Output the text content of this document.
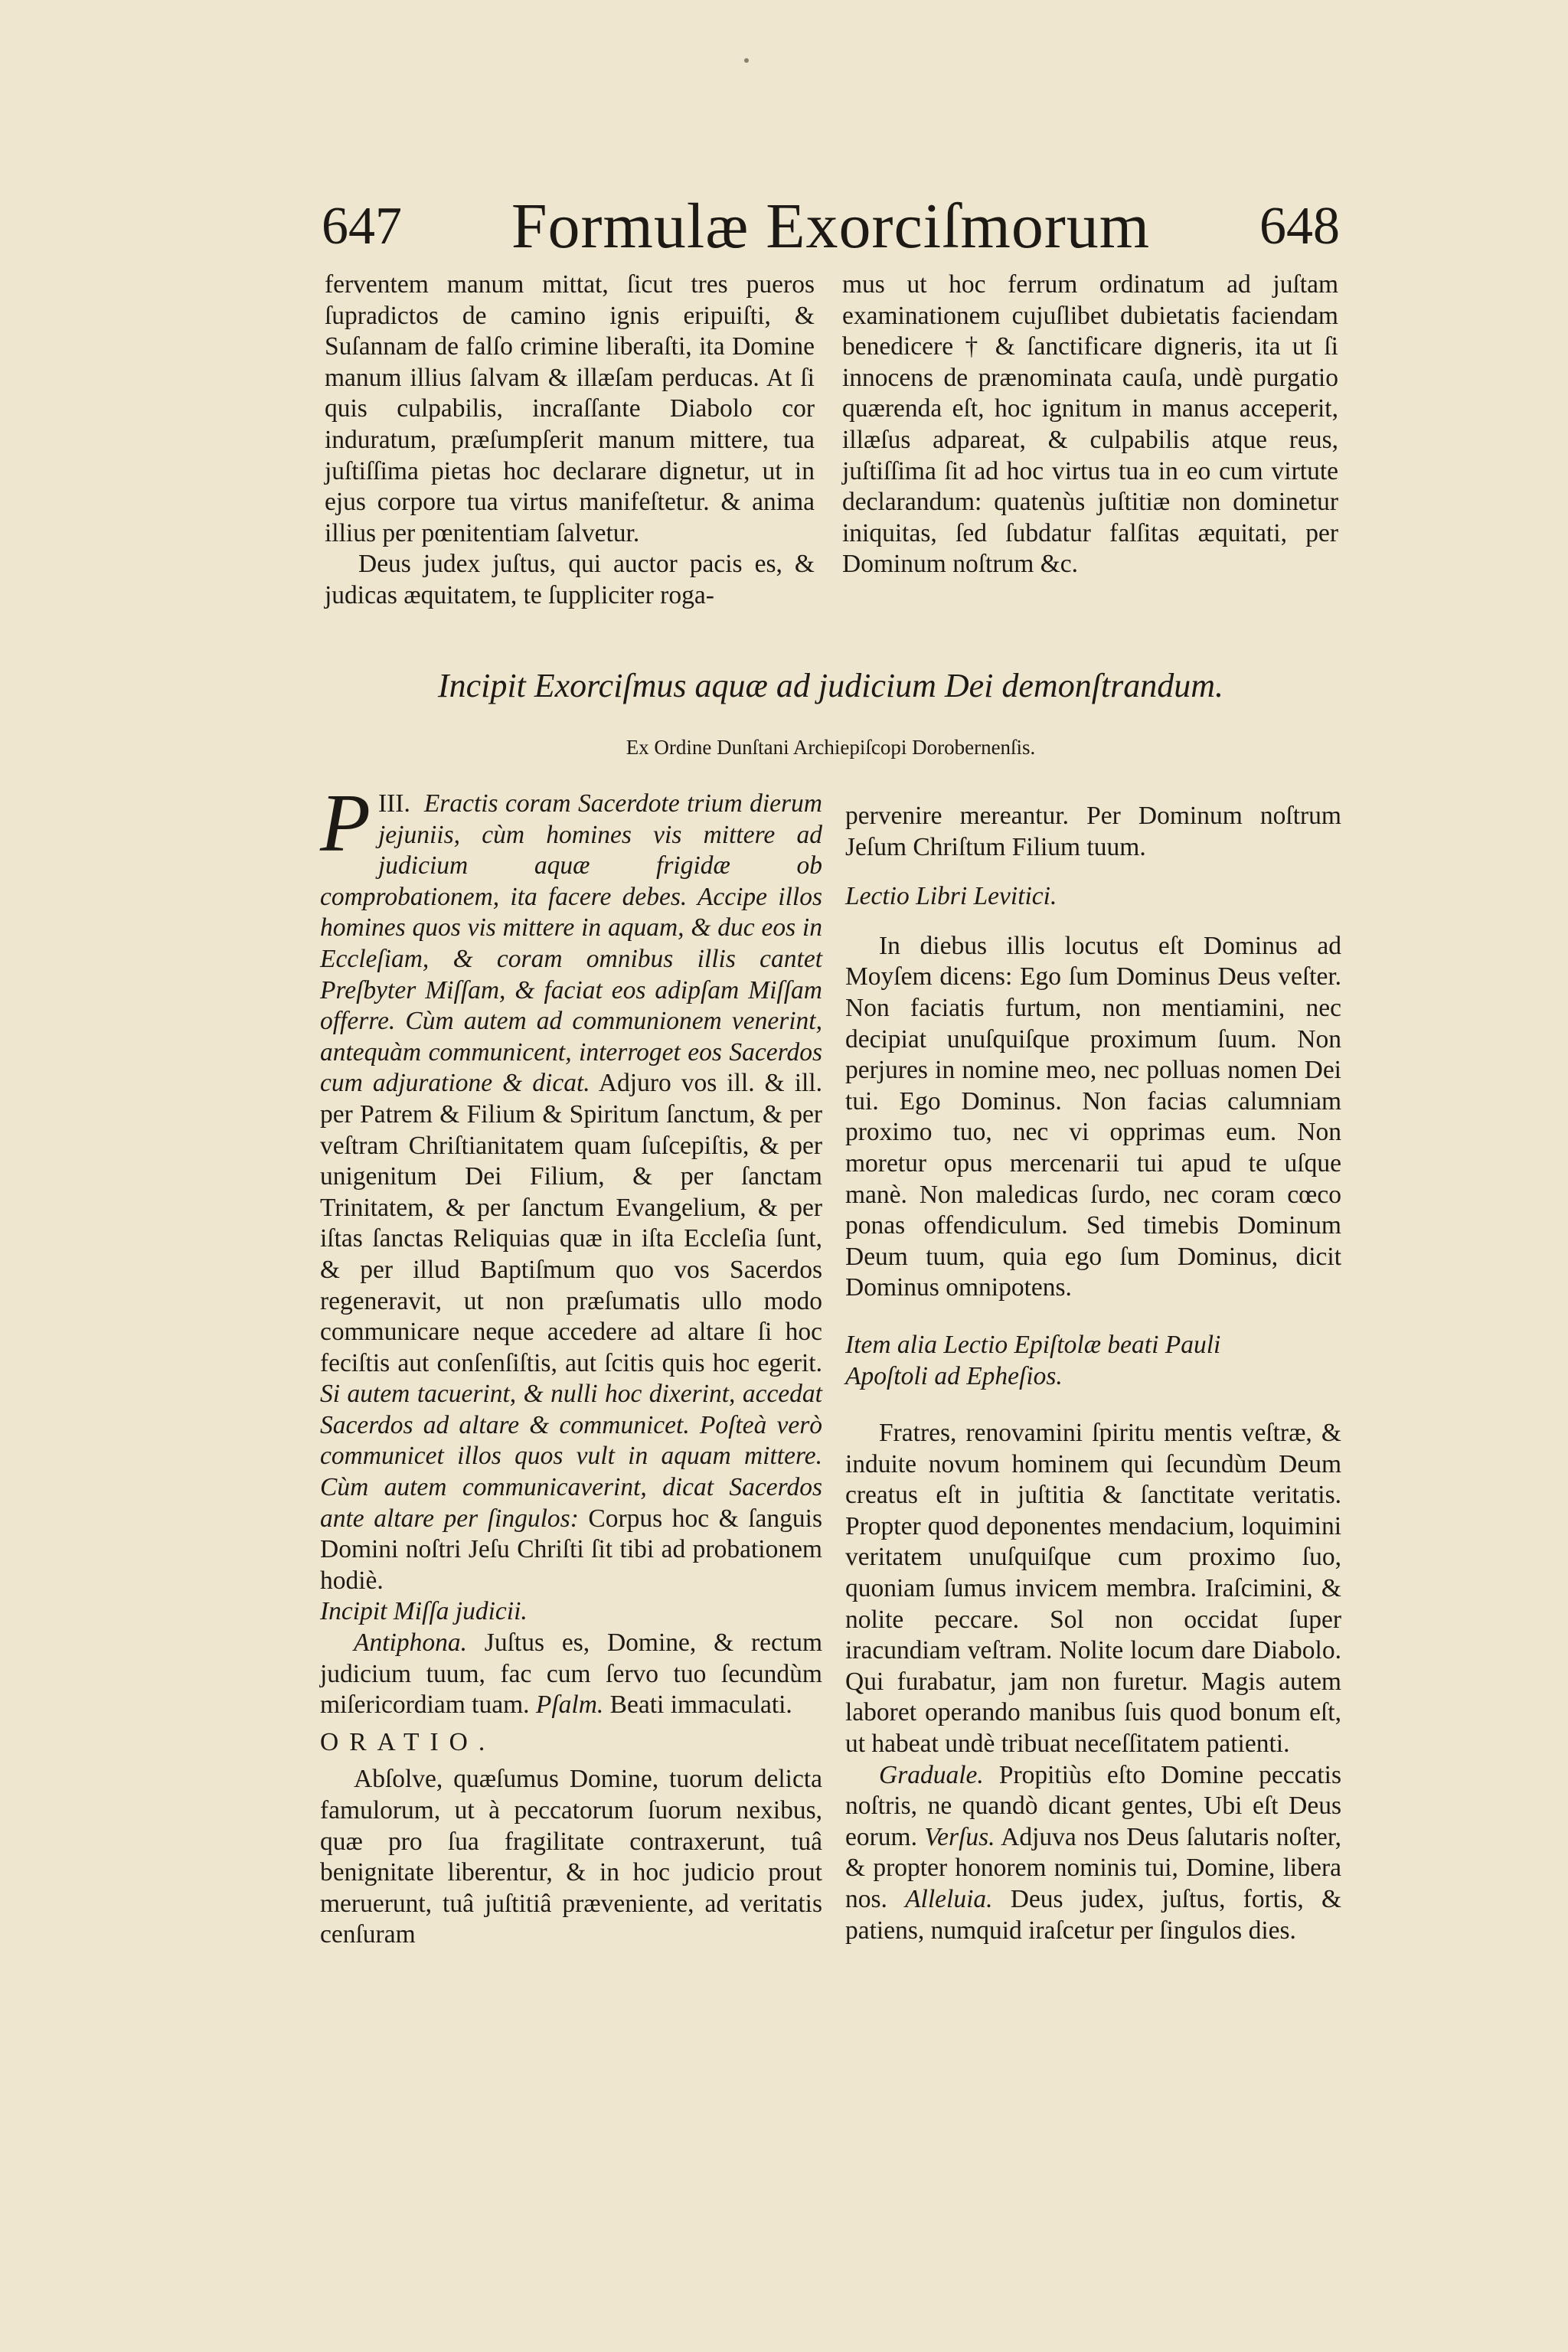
647	Formulæ Exorciſmorum	648

ferventem manum mittat, ſicut tres pueros ſupradictos de camino ignis eripuiſti, & Suſannam de falſo crimine liberaſti, ita Domine manum illius ſalvam & illæſam perducas. At ſi quis culpabilis, incraſſante Diabolo cor induratum, præſumpſerit manum mittere, tua juſtiſſima pietas hoc declarare dignetur, ut in ejus corpore tua virtus manifeſtetur. & anima illius per pœnitentiam ſalvetur.

Deus judex juſtus, qui auctor pacis es, & judicas æquitatem, te ſuppliciter roga-

mus ut hoc ferrum ordinatum ad juſtam examinationem cujuſlibet dubietatis faciendam benedicere † & ſanctificare digneris, ita ut ſi innocens de prænominata cauſa, undè purgatio quærenda eſt, hoc ignitum in manus acceperit, illæſus adpareat, & culpabilis atque reus, juſtiſſima ſit ad hoc virtus tua in eo cum virtute declarandum: quatenùs juſtitiæ non dominetur iniquitas, ſed ſubdatur falſitas æquitati, per Dominum noſtrum &c.

Incipit Exorciſmus aquæ ad judicium Dei demonſtrandum.
Ex Ordine Dunſtani Archiepiſcopi Dorobernenſis.

III.
P Eractis coram Sacerdote trium dierum jejuniis, cùm homines vis mittere ad judicium aquæ frigidæ ob comprobationem, ita facere debes. Accipe illos homines quos vis mittere in aquam, & duc eos in Eccleſiam, & coram omnibus illis cantet Preſbyter Miſſam, & faciat eos adipſam Miſſam offerre. Cùm autem ad communionem venerint, antequàm communicent, interroget eos Sacerdos cum adjuratione & dicat. Adjuro vos ill. & ill. per Patrem & Filium & Spiritum ſanctum, & per veſtram Chriſtianitatem quam ſuſcepiſtis, & per unigenitum Dei Filium, & per ſanctam Trinitatem, & per ſanctum Evangelium, & per iſtas ſanctas Reliquias quæ in iſta Eccleſia ſunt, & per illud Baptiſmum quo vos Sacerdos regeneravit, ut non præſumatis ullo modo communicare neque accedere ad altare ſi hoc feciſtis aut conſenſiſtis, aut ſcitis quis hoc egerit. Si autem tacuerint, & nulli hoc dixerint, accedat Sacerdos ad altare & communicet. Poſteà verò communicet illos quos vult in aquam mittere. Cùm autem communicaverint, dicat Sacerdos ante altare per ſingulos: Corpus hoc & ſanguis Domini noſtri Jeſu Chriſti ſit tibi ad probationem hodiè.

Incipit Miſſa judicii.

Antiphona. Juſtus es, Domine, & rectum judicium tuum, fac cum ſervo tuo ſecundùm miſericordiam tuam. Pſalm. Beati immaculati.

ORATIO.

Abſolve, quæſumus Domine, tuorum delicta famulorum, ut à peccatorum ſuorum nexibus, quæ pro ſua fragilitate contraxerunt, tuâ benignitate liberentur, & in hoc judicio prout meruerunt, tuâ juſtitiâ præveniente, ad veritatis cenſuram

pervenire mereantur. Per Dominum noſtrum Jeſum Chriſtum Filium tuum.

Lectio Libri Levitici.

In diebus illis locutus eſt Dominus ad Moyſem dicens: Ego ſum Dominus Deus veſter. Non faciatis furtum, non mentiamini, nec decipiat unuſquiſque proximum ſuum. Non perjures in nomine meo, nec polluas nomen Dei tui. Ego Dominus. Non facias calumniam proximo tuo, nec vi opprimas eum. Non moretur opus mercenarii tui apud te uſque manè. Non maledicas ſurdo, nec coram cœco ponas offendiculum. Sed timebis Dominum Deum tuum, quia ego ſum Dominus, dicit Dominus omnipotens.

Item alia Lectio Epiſtolæ beati Pauli

Apoſtoli ad Epheſios.

Fratres, renovamini ſpiritu mentis veſtræ, & induite novum hominem qui ſecundùm Deum creatus eſt in juſtitia & ſanctitate veritatis. Propter quod deponentes mendacium, loquimini veritatem unuſquiſque cum proximo ſuo, quoniam ſumus invicem membra. Iraſcimini, & nolite peccare. Sol non occidat ſuper iracundiam veſtram. Nolite locum dare Diabolo. Qui furabatur, jam non furetur. Magis autem laboret operando manibus ſuis quod bonum eſt, ut habeat undè tribuat neceſſitatem patienti.

Graduale. Propitiùs eſto Domine peccatis noſtris, ne quandò dicant gentes, Ubi eſt Deus eorum. Verſus. Adjuva nos Deus ſalutaris noſter, & propter honorem nominis tui, Domine, libera nos. Alleluia. Deus judex, juſtus, fortis, & patiens, numquid iraſcetur per ſingulos dies.
